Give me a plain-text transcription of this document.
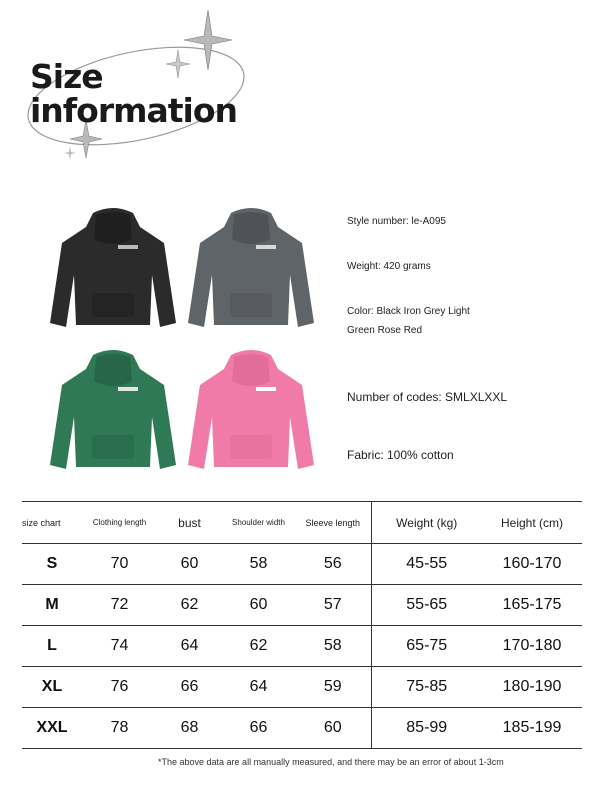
Size
information
Style number: le-A095
Weight: 420 grams
Color: Black Iron Grey Light
Green Rose Red
Number of codes: SMLXLXXL
Fabric: 100% cotton
size chart	Clothing length	bust	Shoulder width	Sleeve length	Weight (kg)	Height (cm)
S	70	60	58	56	45-55	160-170
M	72	62	60	57	55-65	165-175
L	74	64	62	58	65-75	170-180
XL	76	66	64	59	75-85	180-190
XXL	78	68	66	60	85-99	185-199
*The above data are all manually measured, and there may be an error of about 1-3cm
